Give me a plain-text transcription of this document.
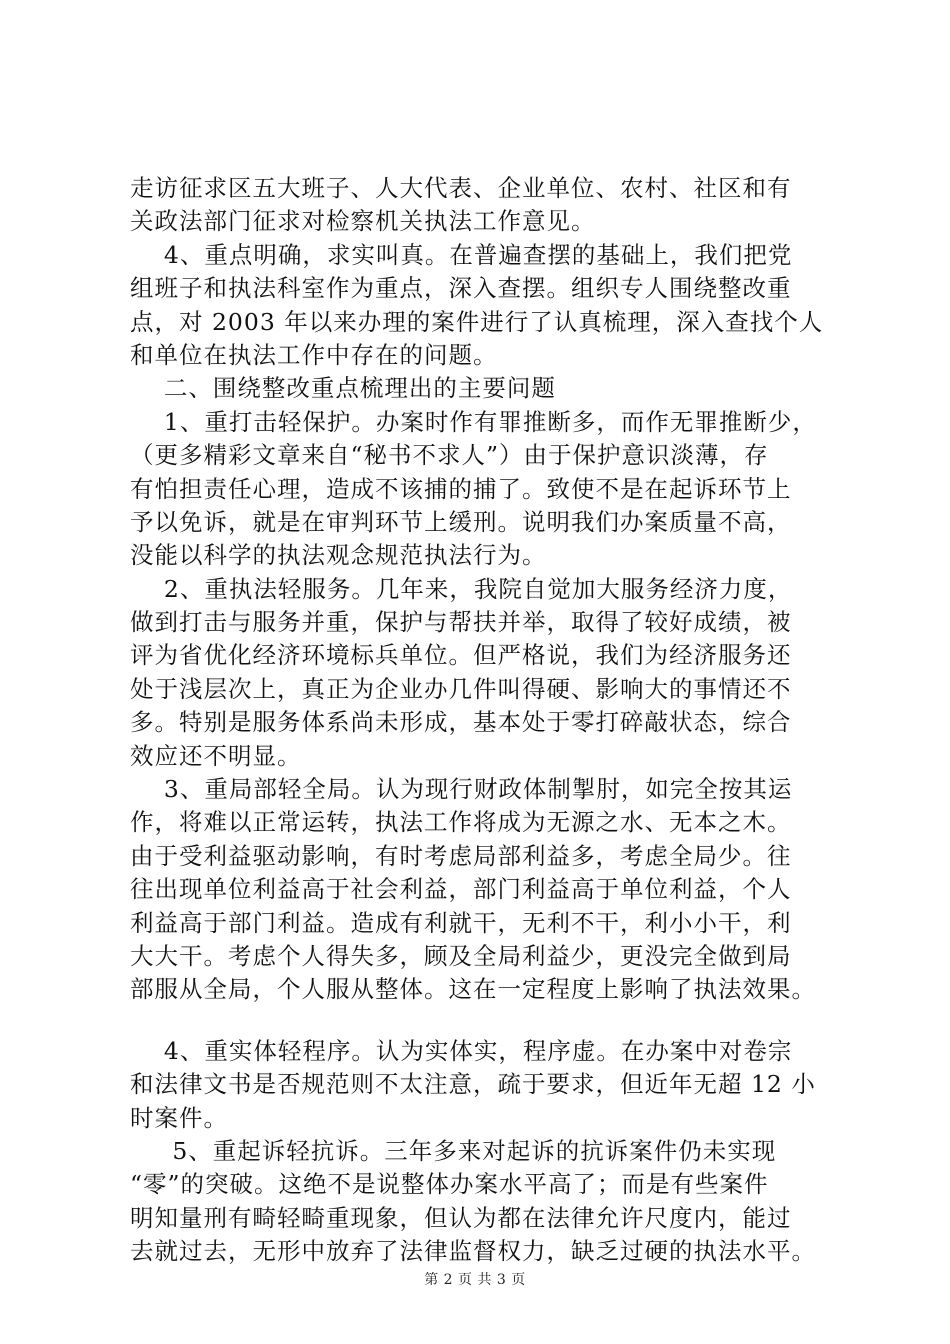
走访征求区五大班子、人大代表、企业单位、农村、社区和有
关政法部门征求对检察机关执法工作意见。
4、重点明确，求实叫真。在普遍查摆的基础上，我们把党
组班子和执法科室作为重点，深入查摆。组织专人围绕整改重
点，对 2003 年以来办理的案件进行了认真梳理，深入查找个人
和单位在执法工作中存在的问题。
二、围绕整改重点梳理出的主要问题
1、重打击轻保护。办案时作有罪推断多，而作无罪推断少，
（更多精彩文章来自“秘书不求人”）由于保护意识淡薄，存
有怕担责任心理，造成不该捕的捕了。致使不是在起诉环节上
予以免诉，就是在审判环节上缓刑。说明我们办案质量不高，
没能以科学的执法观念规范执法行为。
2、重执法轻服务。几年来，我院自觉加大服务经济力度，
做到打击与服务并重，保护与帮扶并举，取得了较好成绩，被
评为省优化经济环境标兵单位。但严格说，我们为经济服务还
处于浅层次上，真正为企业办几件叫得硬、影响大的事情还不
多。特别是服务体系尚未形成，基本处于零打碎敲状态，综合
效应还不明显。
3、重局部轻全局。认为现行财政体制掣肘，如完全按其运
作，将难以正常运转，执法工作将成为无源之水、无本之木。
由于受利益驱动影响，有时考虑局部利益多，考虑全局少。往
往出现单位利益高于社会利益，部门利益高于单位利益，个人
利益高于部门利益。造成有利就干，无利不干，利小小干，利
大大干。考虑个人得失多，顾及全局利益少，更没完全做到局
部服从全局，个人服从整体。这在一定程度上影响了执法效果。
4、重实体轻程序。认为实体实，程序虚。在办案中对卷宗
和法律文书是否规范则不太注意，疏于要求，但近年无超 12 小
时案件。
5、重起诉轻抗诉。三年多来对起诉的抗诉案件仍未实现
“零”的突破。这绝不是说整体办案水平高了；而是有些案件
明知量刑有畸轻畸重现象，但认为都在法律允许尺度内，能过
去就过去，无形中放弃了法律监督权力，缺乏过硬的执法水平。
第 2 页 共 3 页
